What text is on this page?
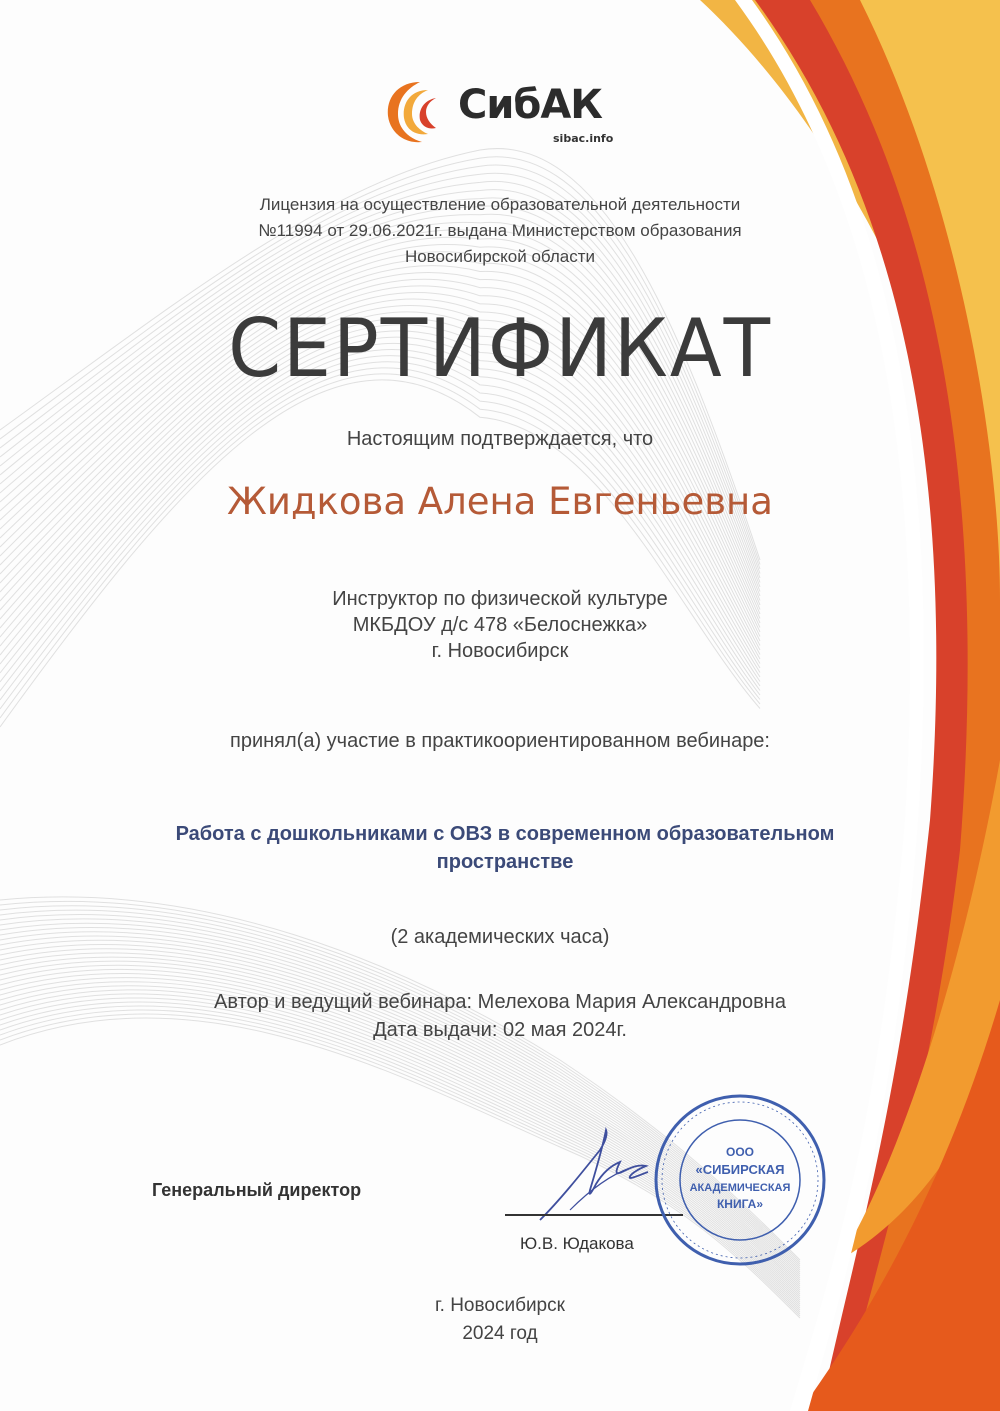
СибАК
sibac.info
Лицензия на осуществление образовательной деятельности
№11994 от 29.06.2021г. выдана Министерством образования
Новосибирской области
СЕРТИФИКАТ
Настоящим подтверждается, что
Жидкова Алена Евгеньевна
Инструктор по физической культуре
МКБДОУ д/с 478 «Белоснежка»
г. Новосибирск
принял(а) участие в практикоориентированном вебинаре:
Работа с дошкольниками с ОВЗ в современном образовательном
пространстве
(2 академических часа)
Автор и ведущий вебинара: Мелехова Мария Александровна
Дата выдачи: 02 мая 2024г.
Генеральный директор
Ю.В. Юдакова
ООО
«СИБИРСКАЯ
АКАДЕМИЧЕСКАЯ
КНИГА»
г. Новосибирск
2024 год
